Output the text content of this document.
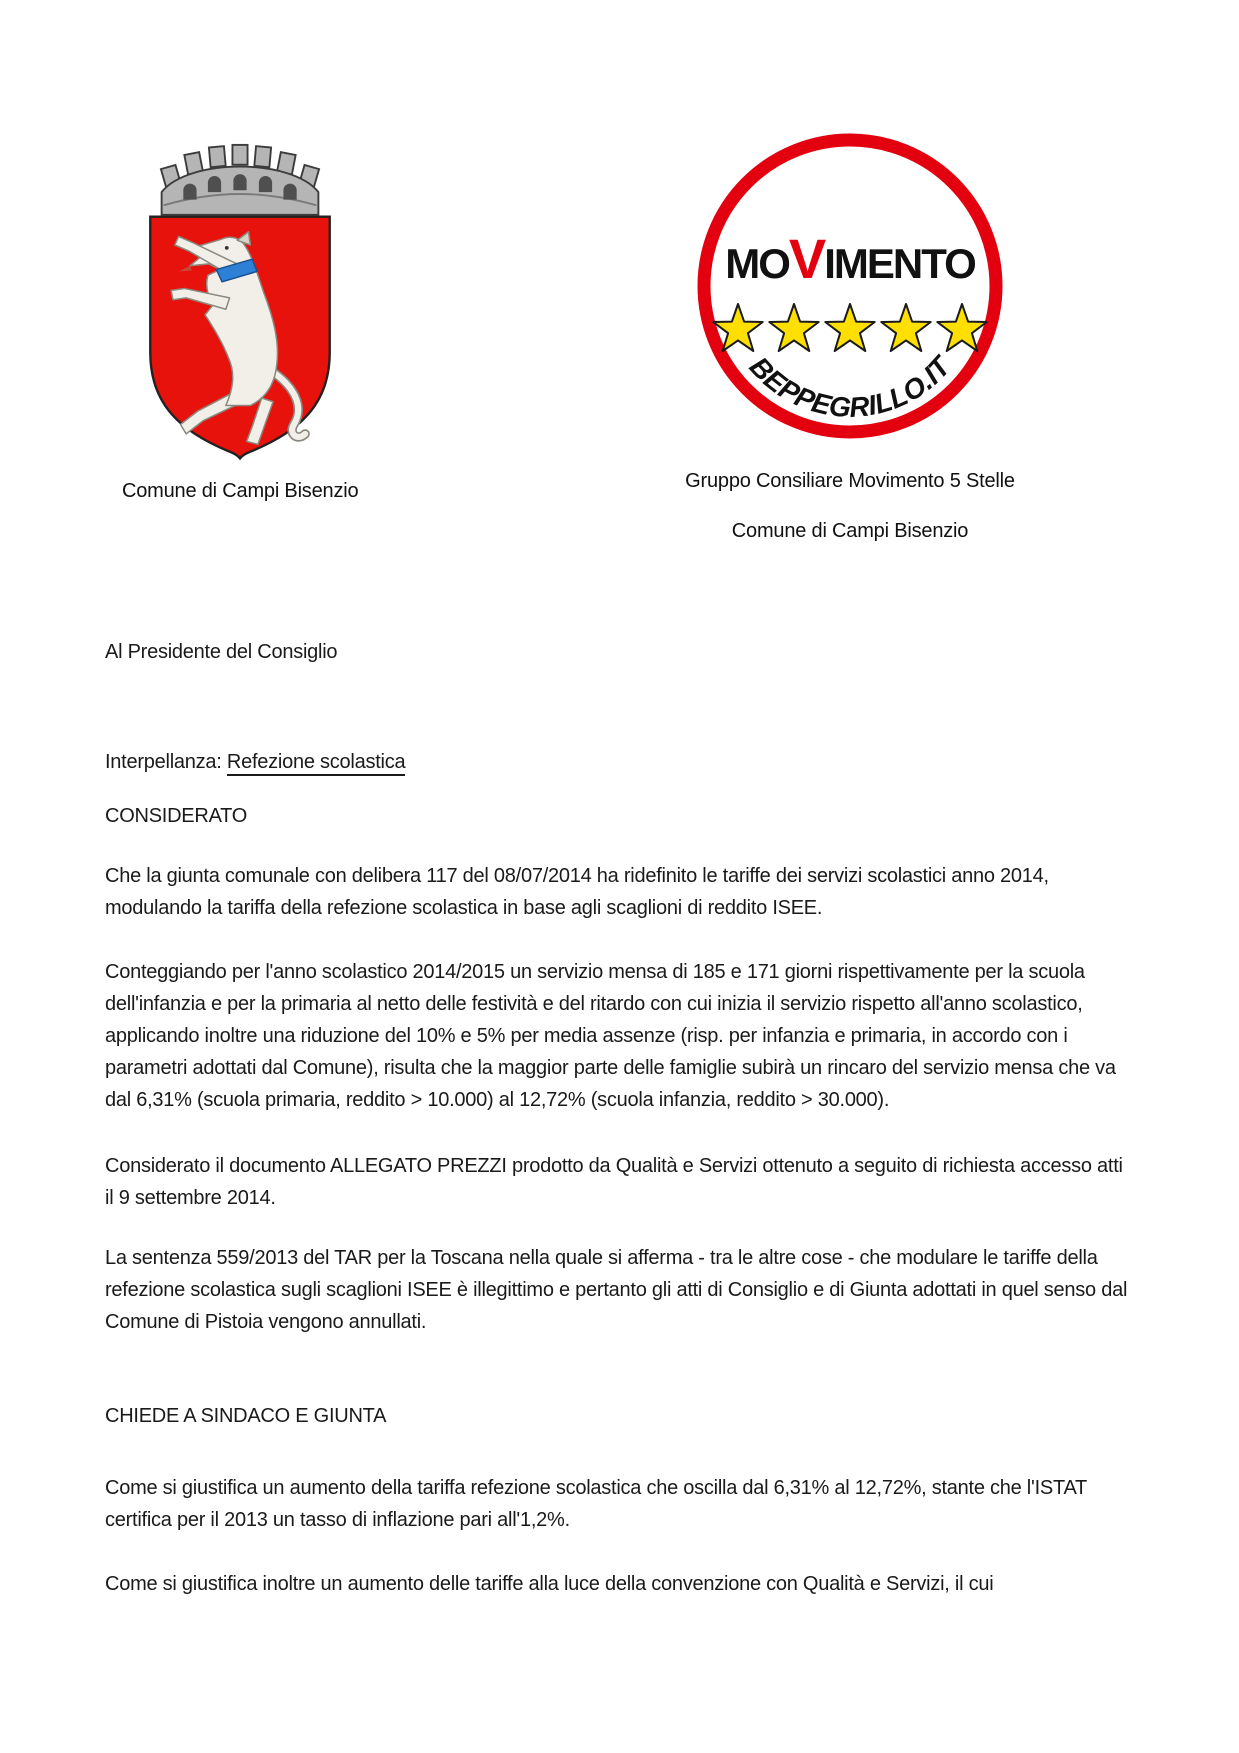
Comune di Campi Bisenzio
MOVIMENTO
BEPPEGRILLO.IT
Gruppo Consiliare Movimento 5 Stelle
Comune di Campi Bisenzio

Al Presidente del Consiglio

Interpellanza: Refezione scolastica

CONSIDERATO

Che la giunta comunale con delibera 117 del 08/07/2014 ha ridefinito le tariffe dei servizi scolastici anno 2014, modulando la tariffa della refezione scolastica in base agli scaglioni di reddito ISEE.

Conteggiando per l'anno scolastico 2014/2015 un servizio mensa di 185 e 171 giorni rispettivamente per la scuola dell'infanzia e per la primaria al netto delle festività e del ritardo con cui inizia il servizio rispetto all'anno scolastico, applicando inoltre una riduzione del 10% e 5% per media assenze (risp. per infanzia e primaria, in accordo con i parametri adottati dal Comune), risulta che la maggior parte delle famiglie subirà un rincaro del servizio mensa che va dal 6,31% (scuola primaria, reddito > 10.000) al 12,72% (scuola infanzia, reddito > 30.000).

Considerato il documento ALLEGATO PREZZI prodotto da Qualità e Servizi ottenuto a seguito di richiesta accesso atti il 9 settembre 2014.

La sentenza 559/2013 del TAR per la Toscana nella quale si afferma - tra le altre cose - che modulare le tariffe della refezione scolastica sugli scaglioni ISEE è illegittimo e pertanto gli atti di Consiglio e di Giunta adottati in quel senso dal Comune di Pistoia vengono annullati.

CHIEDE A SINDACO E GIUNTA

Come si giustifica un aumento della tariffa refezione scolastica che oscilla dal 6,31% al 12,72%, stante che l'ISTAT certifica per il 2013 un tasso di inflazione pari all'1,2%.

Come si giustifica inoltre un aumento delle tariffe alla luce della convenzione con Qualità e Servizi, il cui
